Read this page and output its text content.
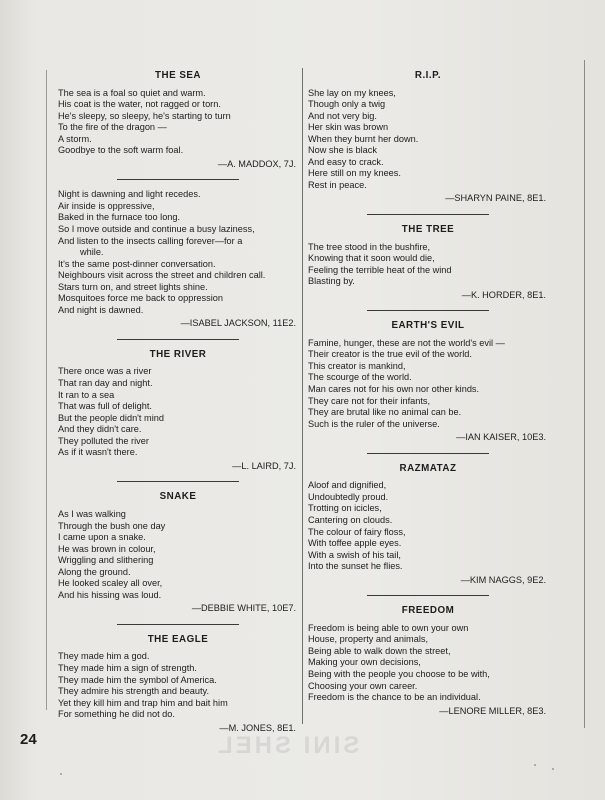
THE SEA
The sea is a foal so quiet and warm.
His coat is the water, not ragged or torn.
He's sleepy, so sleepy, he's starting to turn
To the fire of the dragon —
A storm.
Goodbye to the soft warm foal.
—A. MADDOX, 7J.
Night is dawning and light recedes.
Air inside is oppressive,
Baked in the furnace too long.
So I move outside and continue a busy laziness,
And listen to the insects calling forever—for a
while.
It's the same post-dinner conversation.
Neighbours visit across the street and children call.
Stars turn on, and street lights shine.
Mosquitoes force me back to oppression
And night is dawned.
—ISABEL JACKSON, 11E2.
THE RIVER
There once was a river
That ran day and night.
It ran to a sea
That was full of delight.
But the people didn't mind
And they didn't care.
They polluted the river
As if it wasn't there.
—L. LAIRD, 7J.
SNAKE
As I was walking
Through the bush one day
I came upon a snake.
He was brown in colour,
Wriggling and slithering
Along the ground.
He looked scaley all over,
And his hissing was loud.
—DEBBIE WHITE, 10E7.
THE EAGLE
They made him a god.
They made him a sign of strength.
They made him the symbol of America.
They admire his strength and beauty.
Yet they kill him and trap him and bait him
For something he did not do.
—M. JONES, 8E1.
R.I.P.
She lay on my knees,
Though only a twig
And not very big.
Her skin was brown
When they burnt her down.
Now she is black
And easy to crack.
Here still on my knees.
Rest in peace.
—SHARYN PAINE, 8E1.
THE TREE
The tree stood in the bushfire,
Knowing that it soon would die,
Feeling the terrible heat of the wind
Blasting by.
—K. HORDER, 8E1.
EARTH'S EVIL
Famine, hunger, these are not the world's evil —
Their creator is the true evil of the world.
This creator is mankind,
The scourge of the world.
Man cares not for his own nor other kinds.
They care not for their infants,
They are brutal like no animal can be.
Such is the ruler of the universe.
—IAN KAISER, 10E3.
RAZMATAZ
Aloof and dignified,
Undoubtedly proud.
Trotting on icicles,
Cantering on clouds.
The colour of fairy floss,
With toffee apple eyes.
With a swish of his tail,
Into the sunset he flies.
—KIM NAGGS, 9E2.
FREEDOM
Freedom is being able to own your own
House, property and animals,
Being able to walk down the street,
Making your own decisions,
Being with the people you choose to be with,
Choosing your own career.
Freedom is the chance to be an individual.
—LENORE MILLER, 8E3.
24	SINI SHEL
